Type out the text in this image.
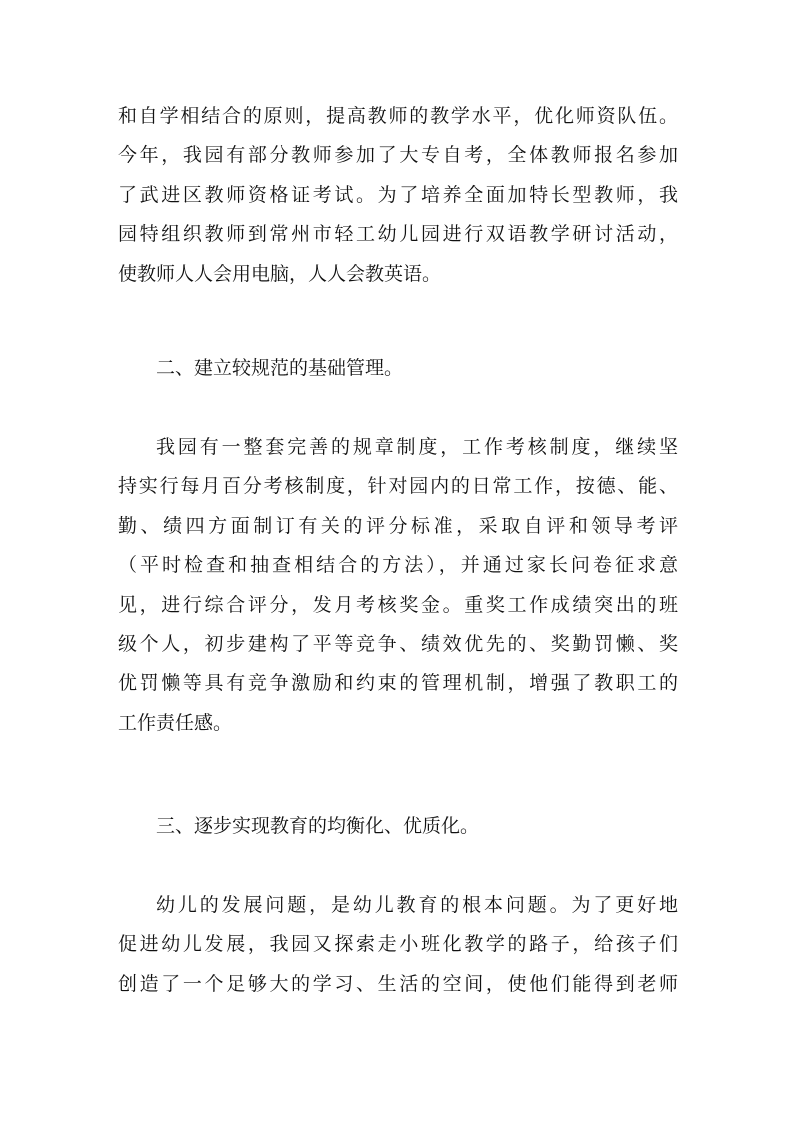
和自学相结合的原则，提高教师的教学水平，优化师资队伍。
今年，我园有部分教师参加了大专自考，全体教师报名参加
了武进区教师资格证考试。为了培养全面加特长型教师，我
园特组织教师到常州市轻工幼儿园进行双语教学研讨活动，
使教师人人会用电脑，人人会教英语。
二、建立较规范的基础管理。
我园有一整套完善的规章制度，工作考核制度，继续坚
持实行每月百分考核制度，针对园内的日常工作，按德、能、
勤、绩四方面制订有关的评分标准，采取自评和领导考评
（平时检查和抽查相结合的方法），并通过家长问卷征求意
见，进行综合评分，发月考核奖金。重奖工作成绩突出的班
级个人，初步建构了平等竞争、绩效优先的、奖勤罚懒、奖
优罚懒等具有竞争激励和约束的管理机制，增强了教职工的
工作责任感。
三、逐步实现教育的均衡化、优质化。
幼儿的发展问题，是幼儿教育的根本问题。为了更好地
促进幼儿发展，我园又探索走小班化教学的路子，给孩子们
创造了一个足够大的学习、生活的空间，使他们能得到老师
